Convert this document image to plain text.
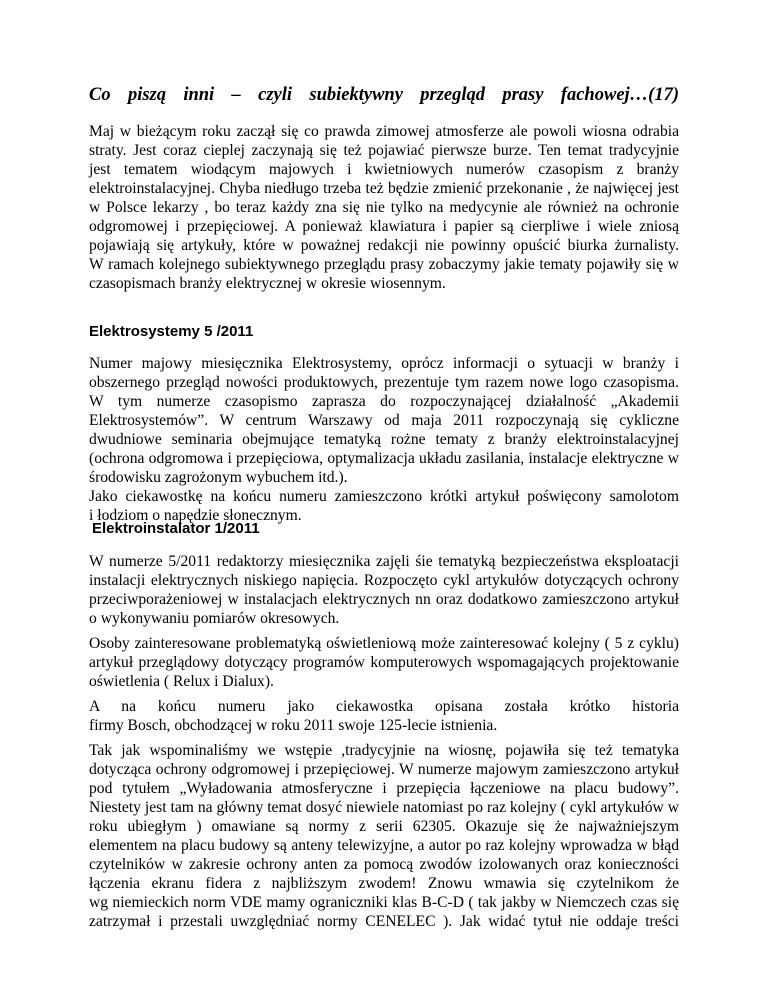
Co piszą inni – czyli subiektywny przegląd prasy fachowej…(17)
Maj w bieżącym roku zaczął się co prawda zimowej atmosferze ale powoli wiosna odrabia
straty. Jest coraz cieplej zaczynają się też pojawiać pierwsze burze. Ten temat tradycyjnie
jest tematem wiodącym majowych i kwietniowych numerów czasopism z branży
elektroinstalacyjnej. Chyba niedługo trzeba też będzie zmienić przekonanie , że najwięcej jest
w Polsce lekarzy , bo teraz każdy zna się nie tylko na medycynie ale również na ochronie
odgromowej i przepięciowej. A ponieważ klawiatura i papier są cierpliwe i wiele zniosą
pojawiają się artykuły, które w poważnej redakcji nie powinny opuścić biurka żurnalisty.
W ramach kolejnego subiektywnego przeglądu prasy zobaczymy jakie tematy pojawiły się w
czasopismach branży elektrycznej w okresie wiosennym.
Elektrosystemy 5 /2011
Numer majowy miesięcznika Elektrosystemy, oprócz informacji o sytuacji w branży i
obszernego przegląd nowości produktowych, prezentuje tym razem nowe logo czasopisma.
W tym numerze czasopismo zaprasza do rozpoczynającej działalność „Akademii
Elektrosystemów”. W centrum Warszawy od maja 2011 rozpoczynają się cykliczne
dwudniowe seminaria obejmujące tematyką rożne tematy z branży elektroinstalacyjnej
(ochrona odgromowa i przepięciowa, optymalizacja układu zasilania, instalacje elektryczne w
środowisku zagrożonym wybuchem itd.).
Jako ciekawostkę na końcu numeru zamieszczono krótki artykuł poświęcony samolotom
i łodziom o napędzie słonecznym.
Elektroinstalator 1/2011
W numerze 5/2011 redaktorzy miesięcznika zajęli śie tematyką bezpieczeństwa eksploatacji
instalacji elektrycznych niskiego napięcia. Rozpoczęto cykl artykułów dotyczących ochrony
przeciwporażeniowej w instalacjach elektrycznych nn oraz dodatkowo zamieszczono artykuł
o wykonywaniu pomiarów okresowych.
Osoby zainteresowane problematyką oświetleniową może zainteresować kolejny ( 5 z cyklu)
artykuł przeglądowy dotyczący programów komputerowych wspomagających projektowanie
oświetlenia ( Relux i Dialux).
A na końcu numeru jako ciekawostka opisana została krótko historia
firmy Bosch, obchodzącej w roku 2011 swoje 125-lecie istnienia.
Tak jak wspominaliśmy we wstępie ,tradycyjnie na wiosnę, pojawiła się też tematyka
dotycząca ochrony odgromowej i przepięciowej. W numerze majowym zamieszczono artykuł
pod tytułem „Wyładowania atmosferyczne i przepięcia łączeniowe na placu budowy”.
Niestety jest tam na główny temat dosyć niewiele natomiast po raz kolejny ( cykl artykułów w
roku ubiegłym ) omawiane są normy z serii 62305. Okazuje się że najważniejszym
elementem na placu budowy są anteny telewizyjne, a autor po raz kolejny wprowadza w błąd
czytelników w zakresie ochrony anten za pomocą zwodów izolowanych oraz konieczności
łączenia ekranu fidera z najbliższym zwodem! Znowu wmawia się czytelnikom że
wg niemieckich norm VDE mamy ograniczniki klas B-C-D ( tak jakby w Niemczech czas się
zatrzymał i przestali uwzględniać normy CENELEC ). Jak widać tytuł nie oddaje treści
